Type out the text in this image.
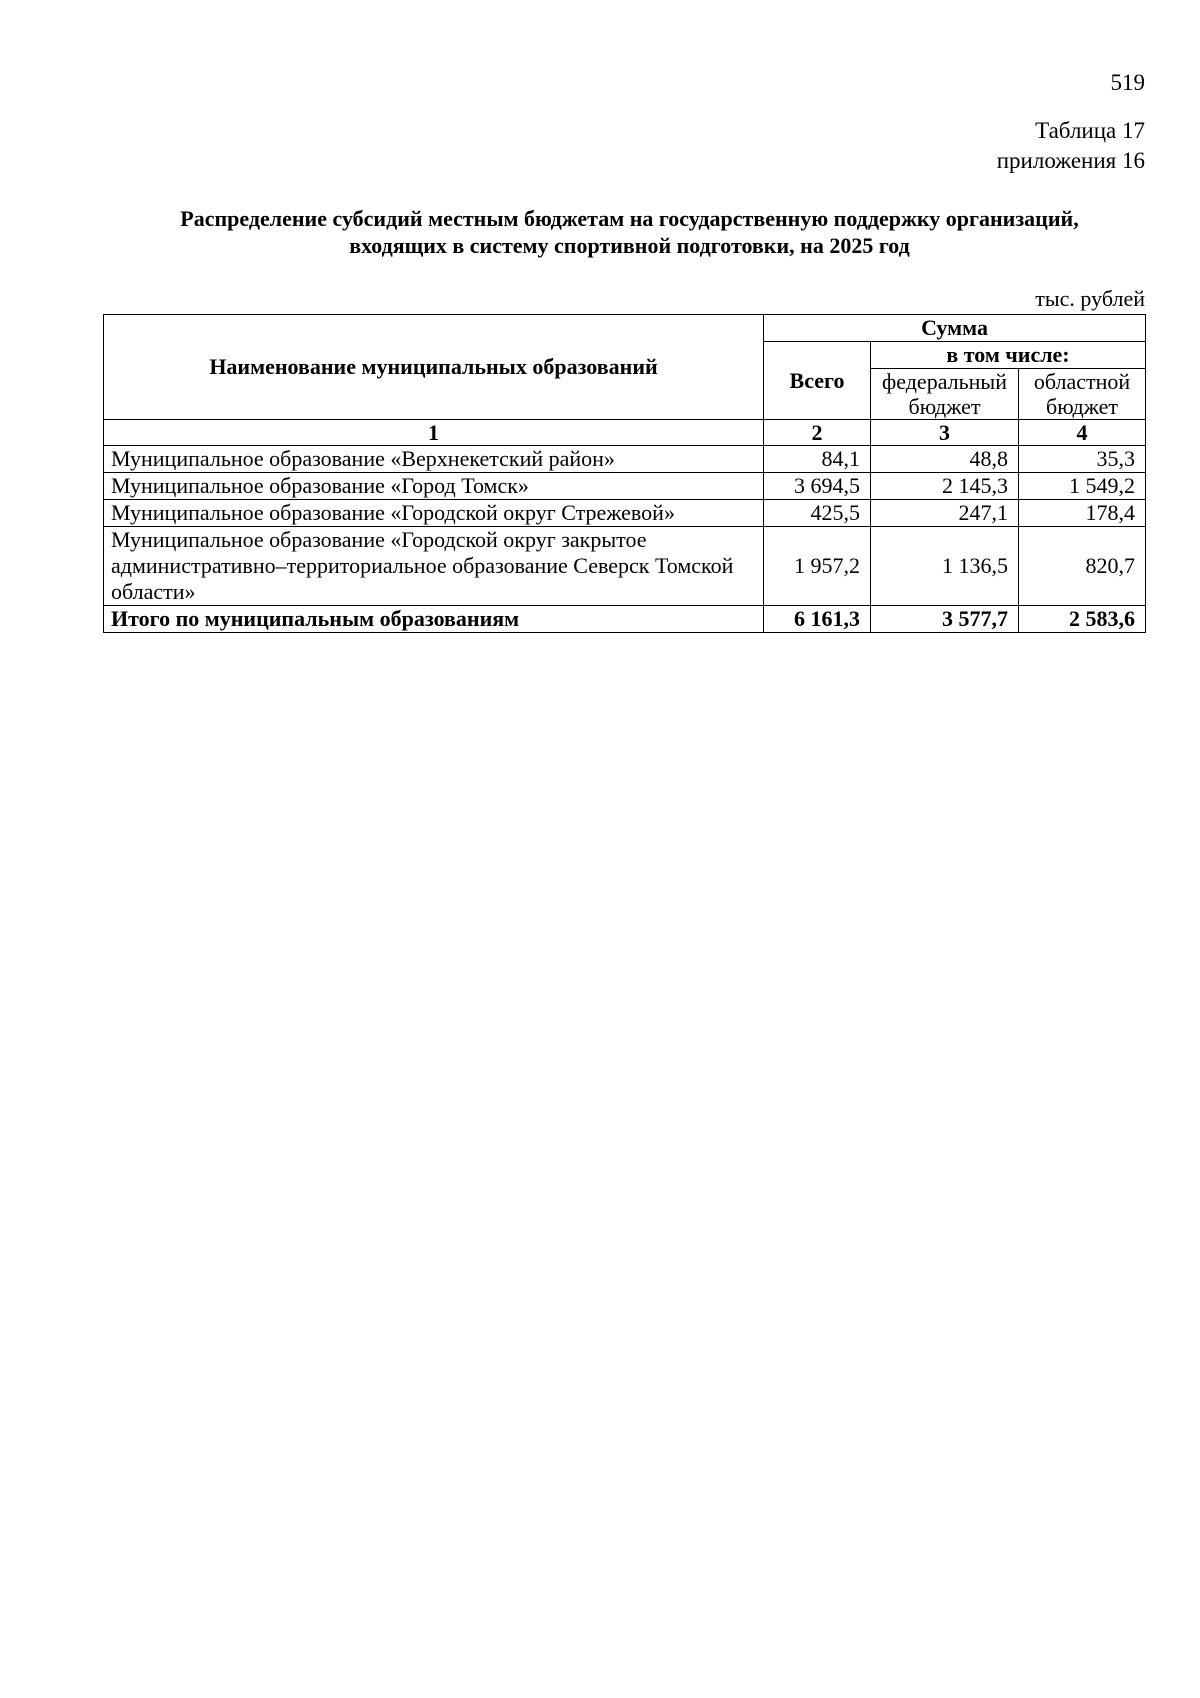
519
Таблица 17
приложения 16
Распределение субсидий местным бюджетам на государственную поддержку организаций,
входящих в систему спортивной подготовки, на 2025 год
тыс. рублей
Наименование муниципальных образований	Сумма		
	Всего	в том числе:	
		федеральный бюджет	областной бюджет
1	2	3	4
Муниципальное образование «Верхнекетский район»	84,1	48,8	35,3
Муниципальное образование «Город Томск»	3 694,5	2 145,3	1 549,2
Муниципальное образование «Городской округ Стрежевой»	425,5	247,1	178,4
Муниципальное образование «Городской округ закрытое административно–территориальное образование Северск Томской области»	1 957,2	1 136,5	820,7
Итого по муниципальным образованиям	6 161,3	3 577,7	2 583,6
